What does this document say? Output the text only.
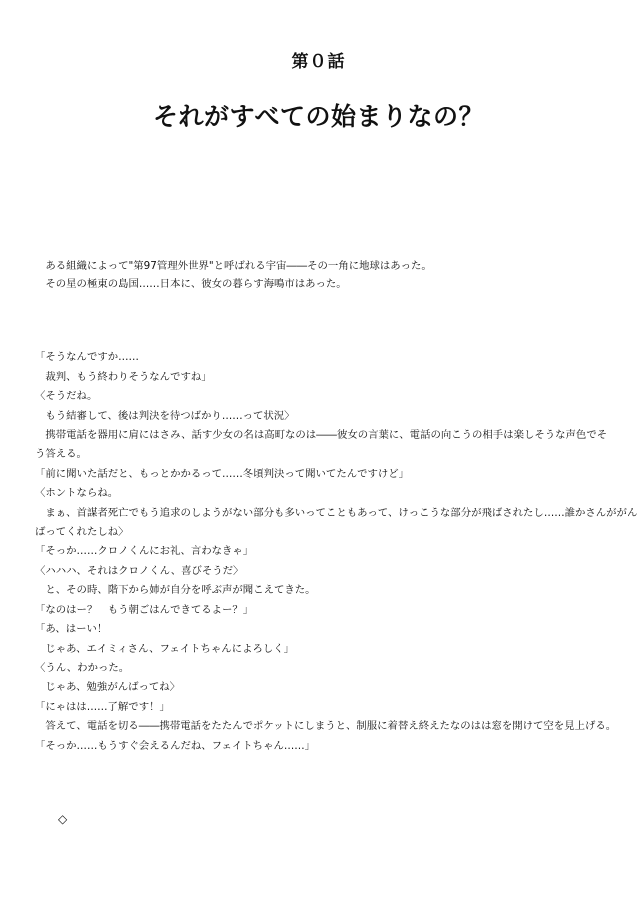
第０話
それがすべての始まりなの？
　ある組織によって"第97管理外世界"と呼ばれる宇宙――その一角に地球はあった。
　その星の極東の島国……日本に、彼女の暮らす海鳴市はあった。
「そうなんですか……
　裁判、もう終わりそうなんですね」
〈そうだね。
　もう結審して、後は判決を待つばかり……って状況〉
　携帯電話を器用に肩にはさみ、話す少女の名は高町なのは――彼女の言葉に、電話の向こうの相手は楽しそうな声色でそ
う答える。
「前に聞いた話だと、もっとかかるって……冬頃判決って聞いてたんですけど」
〈ホントならね。
　まぁ、首謀者死亡でもう追求のしようがない部分も多いってこともあって、けっこうな部分が飛ばされたし……誰かさんががん
ばってくれたしね〉
「そっか……クロノくんにお礼、言わなきゃ」
〈ハハハ、それはクロノくん、喜びそうだ〉
　と、その時、階下から姉が自分を呼ぶ声が聞こえてきた。
「なのはー？　もう朝ごはんできてるよー？」
「あ、はーい！
　じゃあ、エイミィさん、フェイトちゃんによろしく」
〈うん、わかった。
　じゃあ、勉強がんばってね〉
「にゃはは……了解です！」
　答えて、電話を切る――携帯電話をたたんでポケットにしまうと、制服に着替え終えたなのはは窓を開けて空を見上げる。
「そっか……もうすぐ会えるんだね、フェイトちゃん……」
◇
